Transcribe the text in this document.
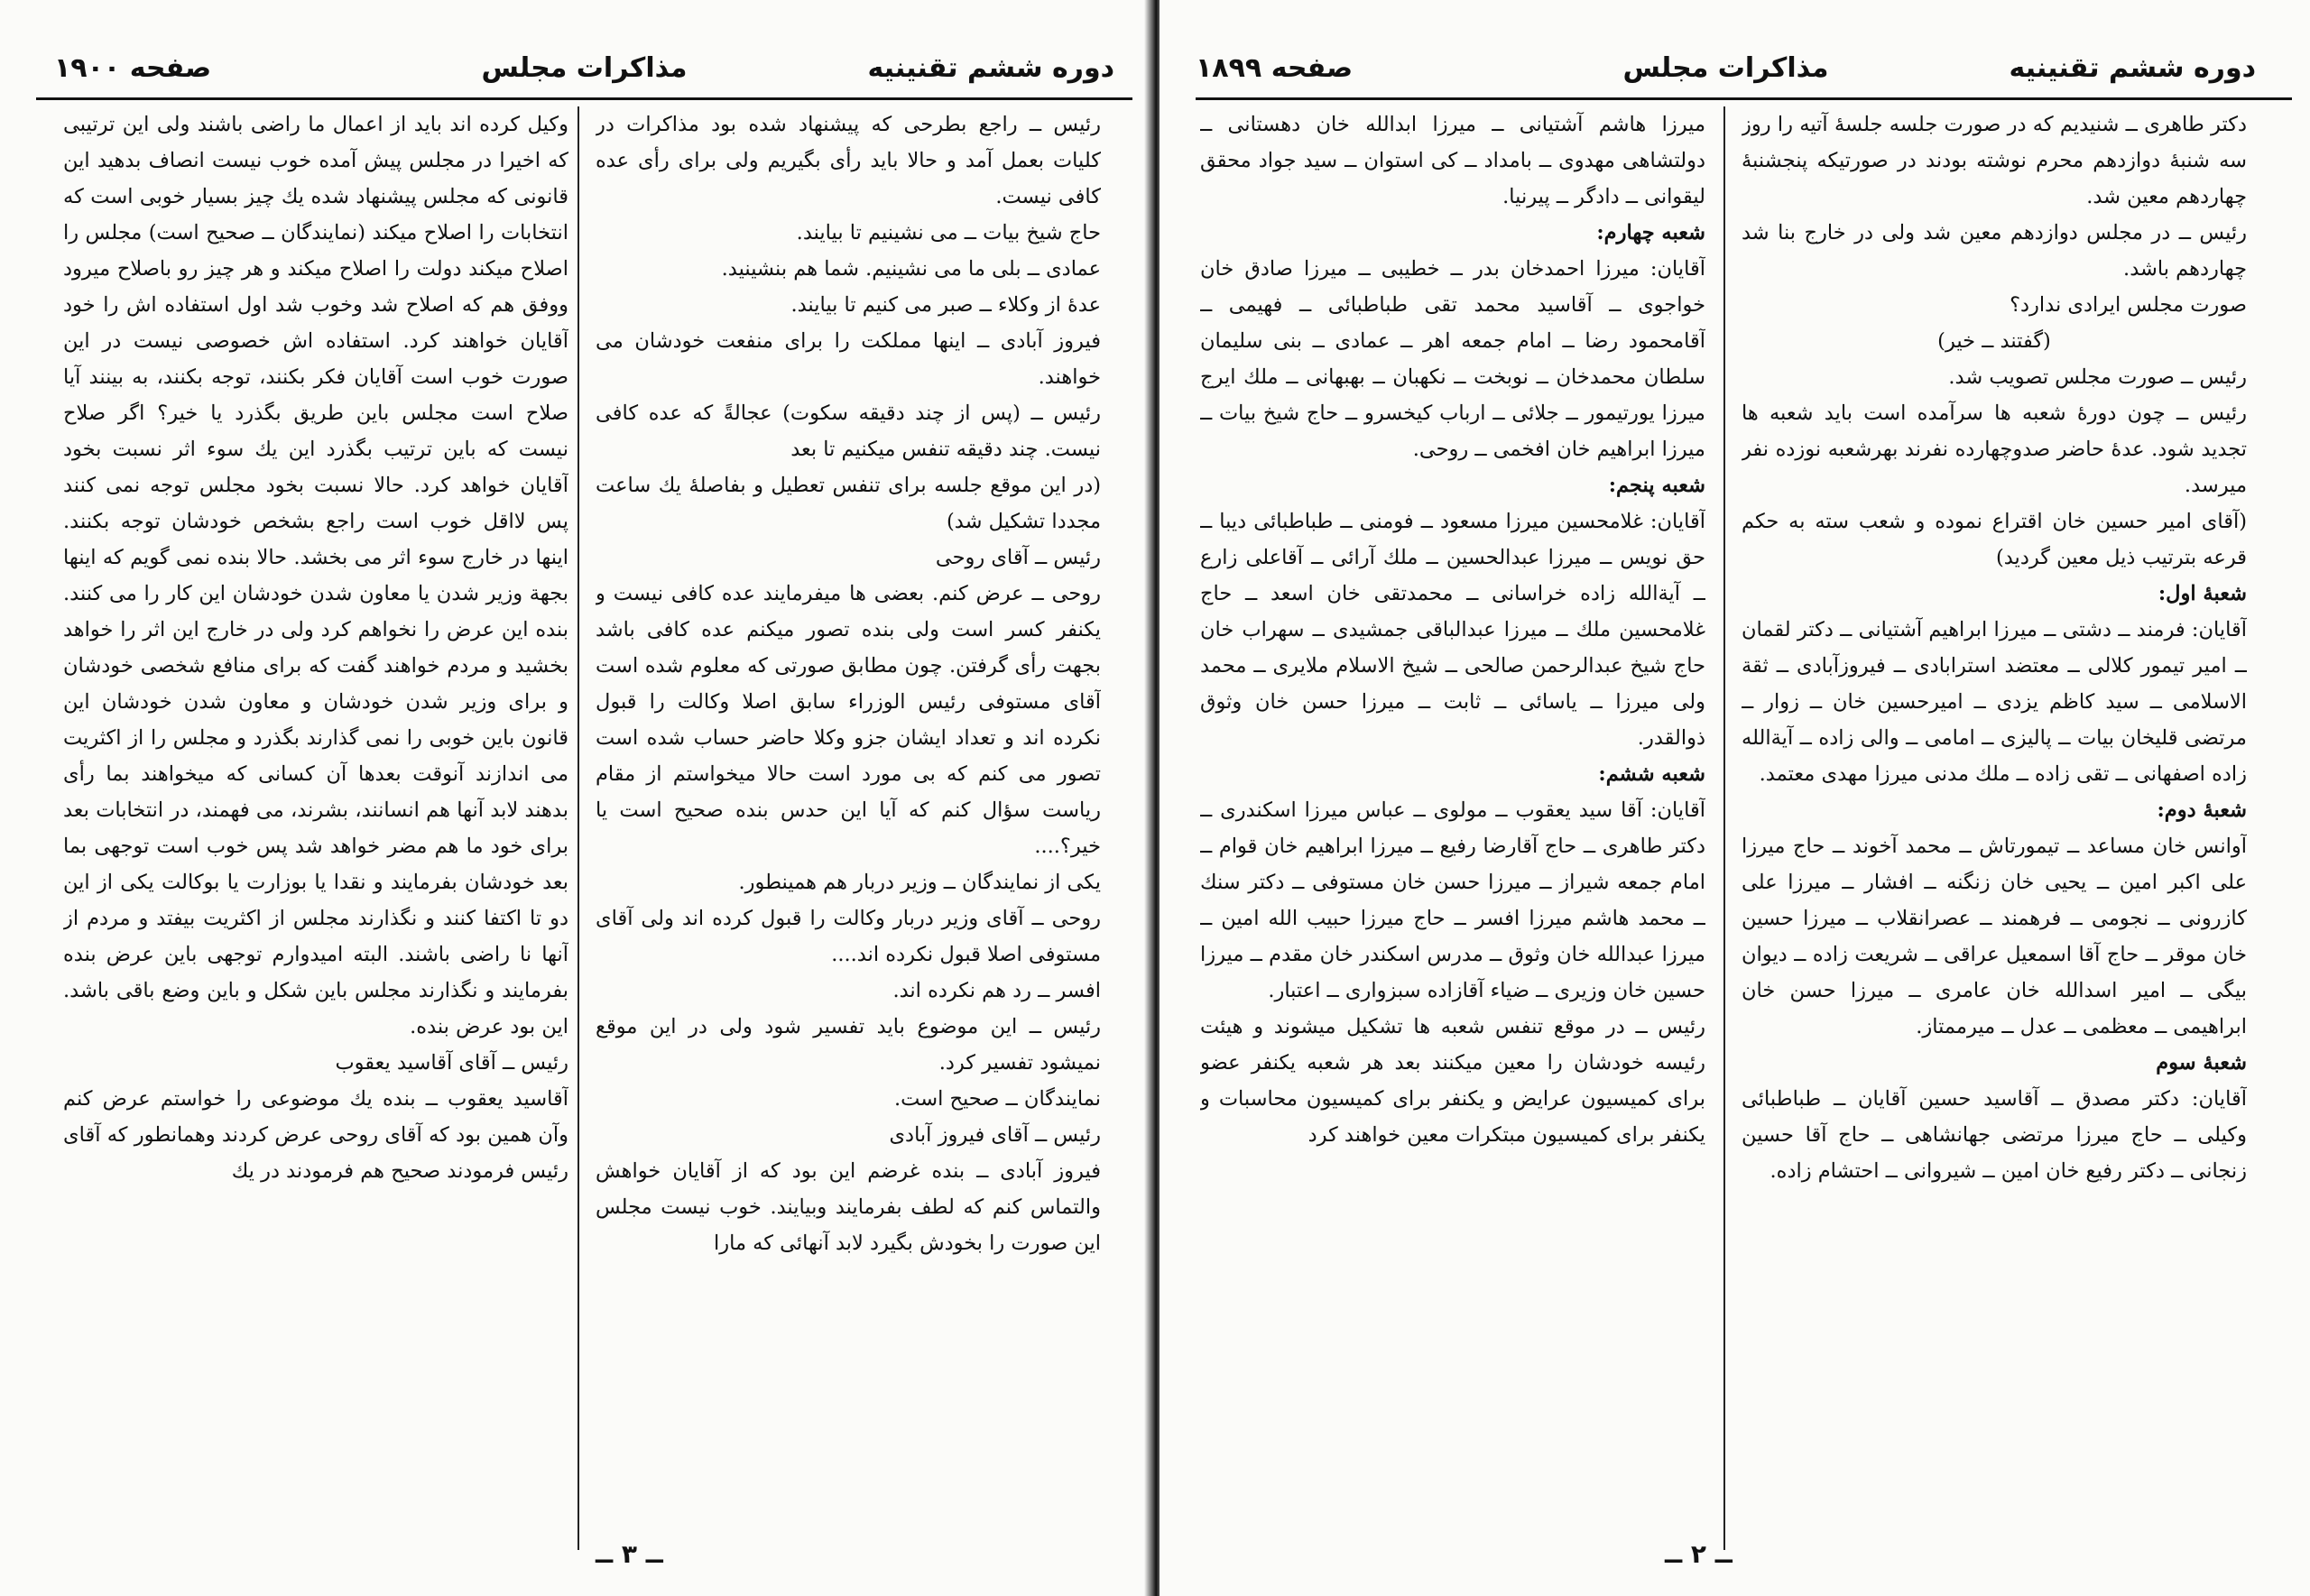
دوره ششم تقنینیه
مذاکرات مجلس
صفحه ۱۹۰۰

رئیس ــ راجع بطرحی که پیشنهاد شده بود مذاکرات در کلیات بعمل آمد و حالا باید رأی بگیریم ولی برای رأی عده کافی نیست.

حاج شیخ بیات ــ می نشینیم تا بیایند.

عمادی ــ بلی ما می نشینیم. شما هم بنشینید.

عدهٔ از وکلاء ــ صبر می کنیم تا بیایند.

فیروز آبادی ــ اینها مملکت را برای منفعت خودشان می خواهند.

رئیس ــ (پس از چند دقیقه سکوت) عجالةً که عده کافی نیست. چند دقیقه تنفس میکنیم تا بعد

(در این موقع جلسه برای تنفس تعطیل و بفاصلهٔ یك ساعت مجددا تشکیل شد)

رئیس ــ آقای روحی

روحی ــ عرض کنم. بعضی ها میفرمایند عده کافی نیست و یکنفر کسر است ولی بنده تصور میکنم عده کافی باشد بجهت رأی گرفتن. چون مطابق صورتی که معلوم شده است آقای مستوفی رئیس الوزراء سابق اصلا وکالت را قبول نکرده اند و تعداد ایشان جزو وکلا حاضر حساب شده است تصور می کنم که بی مورد است حالا میخواستم از مقام ریاست سؤال کنم که آیا این حدس بنده صحیح است یا خیر؟....

یکی از نمایندگان ــ وزیر دربار هم همینطور.

روحی ــ آقای وزیر دربار وکالت را قبول کرده اند ولی آقای مستوفی اصلا قبول نکرده اند....

افسر ــ رد هم نکرده اند.

رئیس ــ این موضوع باید تفسیر شود ولی در این موقع نمیشود تفسیر کرد.

نمایندگان ــ صحیح است.

رئیس ــ آقای فیروز آبادی

فیروز آبادی ــ بنده غرضم این بود که از آقایان خواهش والتماس کنم که لطف بفرمایند وبیایند. خوب نیست مجلس این صورت را بخودش بگیرد لابد آنهائی که مارا

وکیل کرده اند باید از اعمال ما راضی باشند ولی این ترتیبی که اخیرا در مجلس پیش آمده خوب نیست انصاف بدهید این قانونی که مجلس پیشنهاد شده یك چیز بسیار خوبی است که انتخابات را اصلاح میکند (نمایندگان ــ صحیح است) مجلس را اصلاح میکند دولت را اصلاح میکند و هر چیز رو باصلاح میرود ووفق هم که اصلاح شد وخوب شد اول استفاده اش را خود آقایان خواهند کرد. استفاده اش خصوصی نیست در این صورت خوب است آقایان فکر بکنند، توجه بکنند، به بینند آیا صلاح است مجلس باین طریق بگذرد یا خیر؟ اگر صلاح نیست که باین ترتیب بگذرد این یك سوء اثر نسبت بخود آقایان خواهد کرد. حالا نسبت بخود مجلس توجه نمی کنند پس لااقل خوب است راجع بشخص خودشان توجه بکنند. اینها در خارج سوء اثر می بخشد. حالا بنده نمی گویم که اینها بجهة وزیر شدن یا معاون شدن خودشان این کار را می کنند. بنده این عرض را نخواهم کرد ولی در خارج این اثر را خواهد بخشید و مردم خواهند گفت که برای منافع شخصی خودشان و برای وزیر شدن خودشان و معاون شدن خودشان این قانون باین خوبی را نمی گذارند بگذرد و مجلس را از اکثریت می اندازند آنوقت بعدها آن کسانی که میخواهند بما رأی بدهند لابد آنها هم انسانند، بشرند، می فهمند، در انتخابات بعد برای خود ما هم مضر خواهد شد پس خوب است توجهی بما بعد خودشان بفرمایند و نقدا یا بوزارت یا بوکالت یکی از این دو تا اکتفا کنند و نگذارند مجلس از اکثریت بیفتد و مردم از آنها نا راضی باشند. البته امیدوارم توجهی باین عرض بنده بفرمایند و نگذارند مجلس باین شکل و باین وضع باقی باشد. این بود عرض بنده.

رئیس ــ آقای آقاسید یعقوب

آقاسید یعقوب ــ بنده یك موضوعی را خواستم عرض کنم وآن همین بود که آقای روحی عرض کردند وهمانطور که آقای رئیس فرمودند صحیح هم فرمودند در یك

ــ ۳ ــ
دوره ششم تقنینیه
مذاکرات مجلس
صفحه ۱۸۹۹

دکتر طاهری ــ شنیدیم که در صورت جلسه جلسهٔ آتیه را روز سه شنبهٔ دوازدهم محرم نوشته بودند در صورتیکه پنجشنبهٔ چهاردهم معین شد.

رئیس ــ در مجلس دوازدهم معین شد ولی در خارج بنا شد چهاردهم باشد.

صورت مجلس ایرادی ندارد؟

(گفتند ــ خیر)

رئیس ــ صورت مجلس تصویب شد.

رئیس ــ چون دورهٔ شعبه ها سرآمده است باید شعبه ها تجدید شود. عدهٔ حاضر صدوچهارده نفرند بهرشعبه نوزده نفر میرسد.

(آقای امیر حسین خان اقتراع نموده و شعب سته به حکم قرعه بترتیب ذیل معین گردید)

شعبهٔ اول:

آقایان: فرمند ــ دشتی ــ میرزا ابراهیم آشتیانی ــ دکتر لقمان ــ امیر تیمور کلالی ــ معتضد استرابادی ــ فیروزآبادی ــ ثقة الاسلامی ــ سید کاظم یزدی ــ امیرحسین خان ــ زوار ــ مرتضی قلیخان بیات ــ پالیزی ــ امامی ــ والی زاده ــ آیةالله زاده اصفهانی ــ تقی زاده ــ ملك مدنی میرزا مهدی معتمد.

شعبهٔ دوم:

آوانس خان مساعد ــ تیمورتاش ــ محمد آخوند ــ حاج میرزا علی اکبر امین ــ یحیی خان زنگنه ــ افشار ــ میرزا علی کازرونی ــ نجومی ــ فرهمند ــ عصرانقلاب ــ میرزا حسین خان موقر ــ حاج آقا اسمعیل عراقی ــ شریعت زاده ــ دیوان بیگی ــ امیر اسدالله خان عامری ــ میرزا حسن خان ابراهیمی ــ معظمی ــ عدل ــ میرممتاز.

شعبهٔ سوم

آقایان: دکتر مصدق ــ آقاسید حسین آقایان ــ طباطبائی وکیلی ــ حاج میرزا مرتضی جهانشاهی ــ حاج آقا حسین زنجانی ــ دکتر رفیع خان امین ــ شیروانی ــ احتشام زاده.

میرزا هاشم آشتیانی ــ میرزا ابدالله خان دهستانی ــ دولتشاهی مهدوی ــ بامداد ــ کی استوان ــ سید جواد محقق لیقوانی ــ دادگر ــ پیرنیا.

شعبه چهارم:

آقایان: میرزا احمدخان بدر ــ خطیبی ــ میرزا صادق خان خواجوی ــ آقاسید محمد تقی طباطبائی ــ فهیمی ــ آقامحمود رضا ــ امام جمعه اهر ــ عمادی ــ بنی سلیمان سلطان محمدخان ــ نوبخت ــ نکهبان ــ بهبهانی ــ ملك ایرج میرزا یورتیمور ــ جلائی ــ ارباب کیخسرو ــ حاج شیخ بیات ــ میرزا ابراهیم خان افخمی ــ روحی.

شعبه پنجم:

آقایان: غلامحسین میرزا مسعود ــ فومنی ــ طباطبائی دیبا ــ حق نویس ــ میرزا عبدالحسین ــ ملك آرائی ــ آقاعلی زارع ــ آیةالله زاده خراسانی ــ محمدتقی خان اسعد ــ حاج غلامحسین ملك ــ میرزا عبدالباقی جمشیدی ــ سهراب خان حاج شیخ عبدالرحمن صالحی ــ شیخ الاسلام ملایری ــ محمد ولی میرزا ــ یاسائی ــ ثابت ــ میرزا حسن خان وثوق ذوالقدر.

شعبه ششم:

آقایان: آقا سید یعقوب ــ مولوی ــ عباس میرزا اسکندری ــ دکتر طاهری ــ حاج آقارضا رفیع ــ میرزا ابراهیم خان قوام ــ امام جمعه شیراز ــ میرزا حسن خان مستوفی ــ دکتر سنك ــ محمد هاشم میرزا افسر ــ حاج میرزا حبیب الله امین ــ میرزا عبدالله خان وثوق ــ مدرس اسکندر خان مقدم ــ میرزا حسین خان وزیری ــ ضیاء آقازاده سبزواری ــ اعتبار.

رئیس ــ در موقع تنفس شعبه ها تشکیل میشوند و هیئت رئیسه خودشان را معین میکنند بعد هر شعبه یکنفر عضو برای کمیسیون عرایض و یکنفر برای کمیسیون محاسبات و یکنفر برای کمیسیون مبتکرات معین خواهند کرد

ــ ۲ ــ
